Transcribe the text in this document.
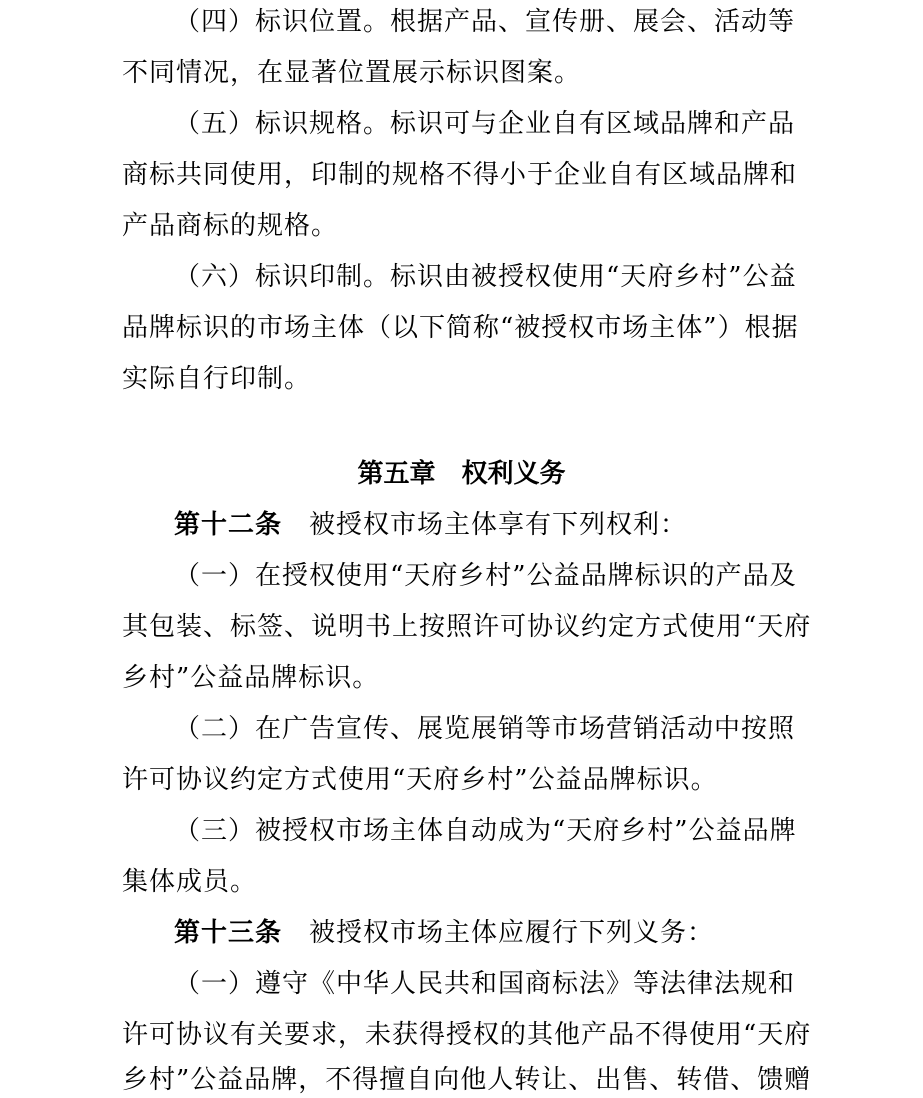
（四）标识位置。根据产品、宣传册、展会、活动等
不同情况，在显著位置展示标识图案。
（五）标识规格。标识可与企业自有区域品牌和产品
商标共同使用，印制的规格不得小于企业自有区域品牌和
产品商标的规格。
（六）标识印制。标识由被授权使用“天府乡村”公益
品牌标识的市场主体（以下简称“被授权市场主体”）根据
实际自行印制。
第五章　权利义务
第十二条　被授权市场主体享有下列权利：
（一）在授权使用“天府乡村”公益品牌标识的产品及
其包装、标签、说明书上按照许可协议约定方式使用“天府
乡村”公益品牌标识。
（二）在广告宣传、展览展销等市场营销活动中按照
许可协议约定方式使用“天府乡村”公益品牌标识。
（三）被授权市场主体自动成为“天府乡村”公益品牌
集体成员。
第十三条　被授权市场主体应履行下列义务：
（一）遵守《中华人民共和国商标法》等法律法规和
许可协议有关要求，未获得授权的其他产品不得使用“天府
乡村”公益品牌，不得擅自向他人转让、出售、转借、馈赠
